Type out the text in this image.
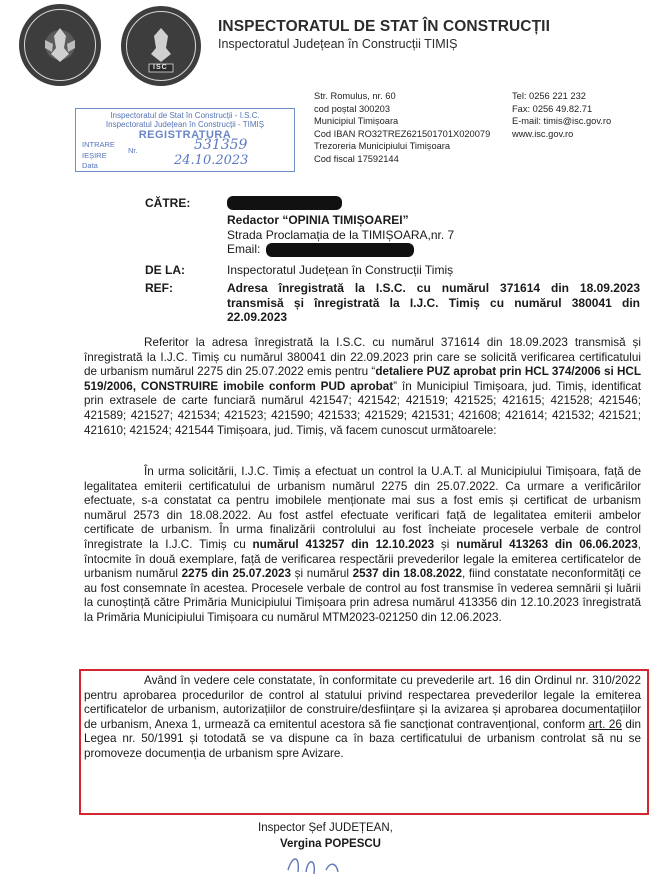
ISC
INSPECTORATUL DE STAT ÎN CONSTRUCȚII
Inspectoratul Județean în Construcții TIMIȘ
Str. Romulus, nr. 60
cod poștal 300203
Municipiul Timișoara
Cod IBAN RO32TREZ621501701X020079
Trezoreria Municipiului Timișoara
Cod fiscal 17592144
Tel: 0256 221 232
Fax: 0256 49.82.71
E-mail: timis@isc.gov.ro
www.isc.gov.ro
Inspectoratul de Stat în Construcții - I.S.C.
Inspectoratul Județean în Construcții - TIMIȘ
REGISTRATURA
INTRARE
IEȘIRE
Data
Nr.	531359
24.10.2023
CĂTRE:
Redactor “OPINIA TIMIȘOAREI”
Strada Proclamația de la TIMIȘOARA,nr. 7
Email:
DE LA:	Inspectoratul Județean în Construcții Timiș
REF:	Adresa înregistrată la I.S.C. cu numărul 371614 din 18.09.2023
transmisă și înregistrată la I.J.C. Timiș cu numărul 380041 din
22.09.2023

Referitor la adresa înregistrată la I.S.C. cu numărul 371614 din 18.09.2023 transmisă și înregistrată la I.J.C. Timiș cu numărul 380041 din 22.09.2023 prin care se solicită verificarea certificatului de urbanism numărul 2275 din 25.07.2022 emis pentru “detaliere PUZ aprobat prin HCL 374/2006 si HCL 519/2006, CONSTRUIRE imobile conform PUD aprobat” în Municipiul Timișoara, jud. Timiș, identificat prin extrasele de carte funciară numărul 421547; 421542; 421519; 421525; 421615; 421528; 421546; 421589; 421527; 421534; 421523; 421590; 421533; 421529; 421531; 421608; 421614; 421532; 421521; 421610; 421524; 421544 Timișoara, jud. Timiș, vă facem cunoscut următoarele:

În urma solicitării, I.J.C. Timiș a efectuat un control la U.A.T. al Municipiului Timișoara, față de legalitatea emiterii certificatului de urbanism numărul 2275 din 25.07.2022. Ca urmare a verificărilor efectuate, s-a constatat ca pentru imobilele menționate mai sus a fost emis și certificat de urbanism numărul 2573 din 18.08.2022. Au fost astfel efectuate verificari față de legalitatea emiterii ambelor certificate de urbanism. În urma finalizării controlului au fost încheiate procesele verbale de control înregistrate la I.J.C. Timiș cu numărul 413257 din 12.10.2023 și numărul 413263 din 06.06.2023, întocmite în două exemplare, față de verificarea respectării prevederilor legale la emiterea certificatelor de urbanism numărul 2275 din 25.07.2023 și numărul 2537 din 18.08.2022, fiind constatate neconformități ce au fost consemnate în acestea. Procesele verbale de control au fost transmise în vederea semnării și luării la cunoștință către Primăria Municipiului Timișoara prin adresa numărul 413356 din 12.10.2023 înregistrată la Primăria Municipiului Timișoara cu numărul MTM2023-021250 din 12.06.2023.

Având în vedere cele constatate, în conformitate cu prevederile art. 16 din Ordinul nr. 310/2022 pentru aprobarea procedurilor de control al statului privind respectarea prevederilor legale la emiterea certificatelor de urbanism, autorizațiilor de construire/desființare și la avizarea și aprobarea documentațiilor de urbanism, Anexa 1, urmează ca emitentul acestora să fie sancționat contravențional, conform art. 26 din Legea nr. 50/1991 și totodată se va dispune ca în baza certificatului de urbanism controlat să nu se promoveze documenția de urbanism spre Avizare.

Inspector Șef JUDEȚEAN,
Vergina POPESCU
